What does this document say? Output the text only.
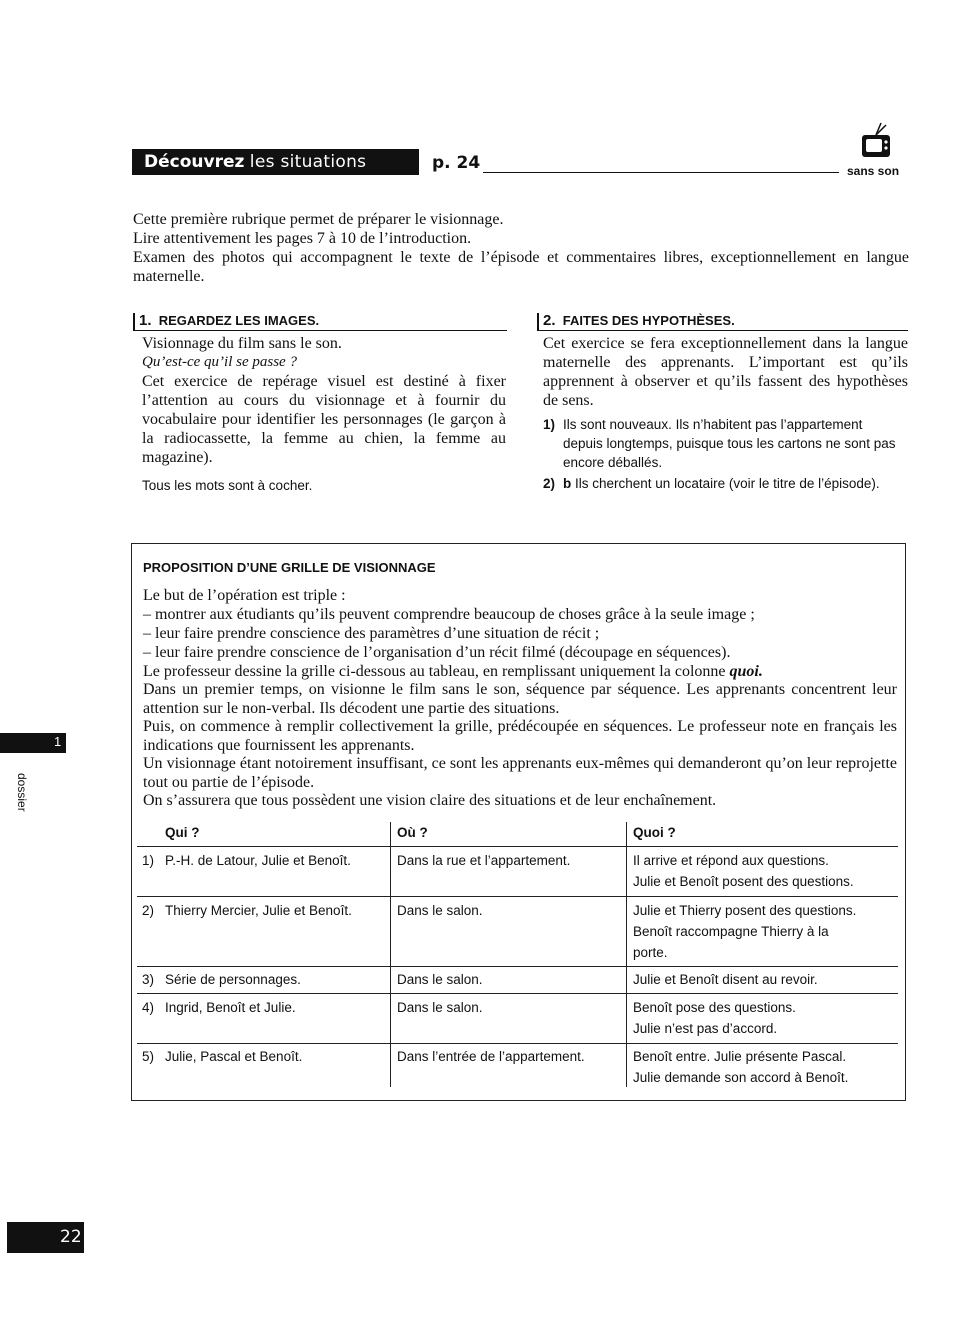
Découvrez les situations	p. 24	sans son
Cette première rubrique permet de préparer le visionnage.
Lire attentivement les pages 7 à 10 de l’introduction.
Examen des photos qui accompagnent le texte de l’épisode et commentaires libres, exceptionnellement en langue maternelle.
1. REGARDEZ LES IMAGES.
Visionnage du film sans le son.
Qu’est-ce qu’il se passe ?
Cet exercice de repérage visuel est destiné à fixer l’attention au cours du visionnage et à fournir du vocabulaire pour identifier les personnages (le garçon à la radiocassette, la femme au chien, la femme au magazine).
Tous les mots sont à cocher.
2. FAITES DES HYPOTHÈSES.
Cet exercice se fera exceptionnellement dans la langue maternelle des apprenants. L’important est qu’ils apprennent à observer et qu’ils fassent des hypothèses de sens.
1) Ils sont nouveaux. Ils n’habitent pas l’appartement depuis longtemps, puisque tous les cartons ne sont pas encore déballés.
2) b Ils cherchent un locataire (voir le titre de l’épisode).
PROPOSITION D’UNE GRILLE DE VISIONNAGE
Le but de l’opération est triple :
– montrer aux étudiants qu’ils peuvent comprendre beaucoup de choses grâce à la seule image ;
– leur faire prendre conscience des paramètres d’une situation de récit ;
– leur faire prendre conscience de l’organisation d’un récit filmé (découpage en séquences).
Le professeur dessine la grille ci-dessous au tableau, en remplissant uniquement la colonne quoi.
Dans un premier temps, on visionne le film sans le son, séquence par séquence. Les apprenants concentrent leur attention sur le non-verbal. Ils décodent une partie des situations.
Puis, on commence à remplir collectivement la grille, prédécoupée en séquences. Le professeur note en français les indications que fournissent les apprenants.
Un visionnage étant notoirement insuffisant, ce sont les apprenants eux-mêmes qui demanderont qu’on leur reprojette tout ou partie de l’épisode.
On s’assurera que tous possèdent une vision claire des situations et de leur enchaînement.
Qui ?	Où ?	Quoi ?
1) P.-H. de Latour, Julie et Benoît.	Dans la rue et l’appartement.	Il arrive et répond aux questions.
Julie et Benoît posent des questions.
2) Thierry Mercier, Julie et Benoît.	Dans le salon.	Julie et Thierry posent des questions.
Benoît raccompagne Thierry à la
porte.
3) Série de personnages.	Dans le salon.	Julie et Benoît disent au revoir.
4) Ingrid, Benoît et Julie.	Dans le salon.	Benoît pose des questions.
Julie n’est pas d’accord.
5) Julie, Pascal et Benoît.	Dans l’entrée de l’appartement.	Benoît entre. Julie présente Pascal.
Julie demande son accord à Benoît.
1
dossier
22
